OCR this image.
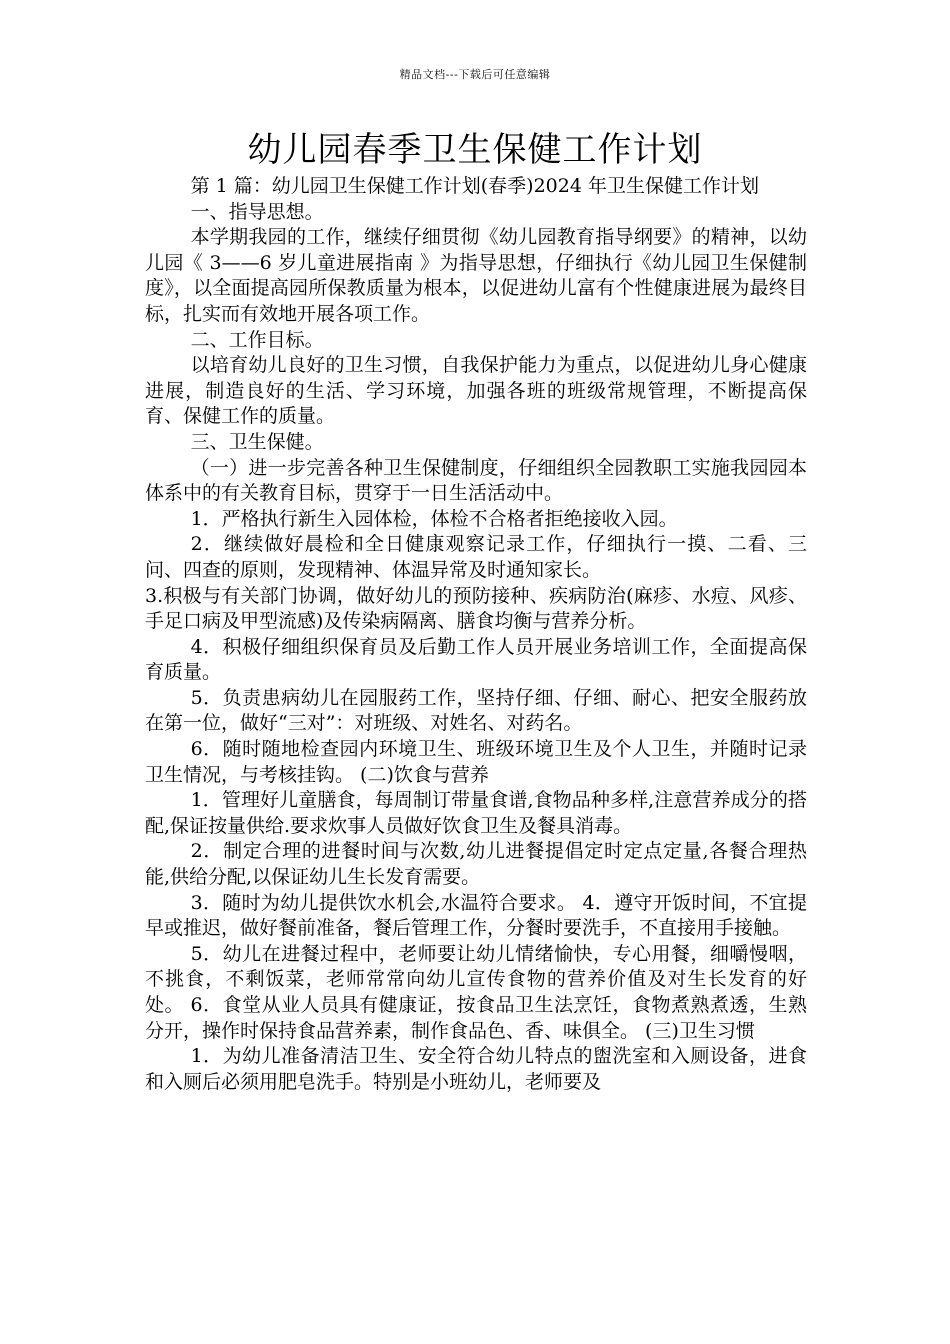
精品文档---下载后可任意编辑
幼儿园春季卫生保健工作计划

第 1 篇：幼儿园卫生保健工作计划(春季)2024 年卫生保健工作计划

一、指导思想。

本学期我园的工作，继续仔细贯彻《幼儿园教育指导纲要》的精神，以幼儿园《 3——6 岁儿童进展指南 》为指导思想，仔细执行《幼儿园卫生保健制度》，以全面提高园所保教质量为根本，以促进幼儿富有个性健康进展为最终目标，扎实而有效地开展各项工作。

二、工作目标。

以培育幼儿良好的卫生习惯，自我保护能力为重点，以促进幼儿身心健康进展，制造良好的生活、学习环境，加强各班的班级常规管理，不断提高保育、保健工作的质量。

三、卫生保健。

（一）进一步完善各种卫生保健制度，仔细组织全园教职工实施我园园本体系中的有关教育目标，贯穿于一日生活活动中。

1．严格执行新生入园体检，体检不合格者拒绝接收入园。

2．继续做好晨检和全日健康观察记录工作，仔细执行一摸、二看、三问、四查的原则，发现精神、体温异常及时通知家长。

3.积极与有关部门协调，做好幼儿的预防接种、疾病防治(麻疹、水痘、风疹、手足口病及甲型流感)及传染病隔离、膳食均衡与营养分析。

4．积极仔细组织保育员及后勤工作人员开展业务培训工作，全面提高保育质量。

5．负责患病幼儿在园服药工作，坚持仔细、仔细、耐心、把安全服药放在第一位，做好“三对”：对班级、对姓名、对药名。

6．随时随地检查园内环境卫生、班级环境卫生及个人卫生，并随时记录卫生情况，与考核挂钩。 (二)饮食与营养

1．管理好儿童膳食，每周制订带量食谱,食物品种多样,注意营养成分的搭配,保证按量供给.要求炊事人员做好饮食卫生及餐具消毒。

2．制定合理的进餐时间与次数,幼儿进餐提倡定时定点定量,各餐合理热能,供给分配,以保证幼儿生长发育需要。

3．随时为幼儿提供饮水机会,水温符合要求。 4．遵守开饭时间，不宜提早或推迟，做好餐前准备，餐后管理工作，分餐时要洗手，不直接用手接触。

5．幼儿在进餐过程中，老师要让幼儿情绪愉快，专心用餐，细嚼慢咽，不挑食，不剩饭菜，老师常常向幼儿宣传食物的营养价值及对生长发育的好处。 6．食堂从业人员具有健康证，按食品卫生法烹饪，食物煮熟煮透，生熟分开，操作时保持食品营养素，制作食品色、香、味俱全。 (三)卫生习惯

1．为幼儿准备清洁卫生、安全符合幼儿特点的盥洗室和入厕设备，进食和入厕后必须用肥皂洗手。特别是小班幼儿，老师要及
